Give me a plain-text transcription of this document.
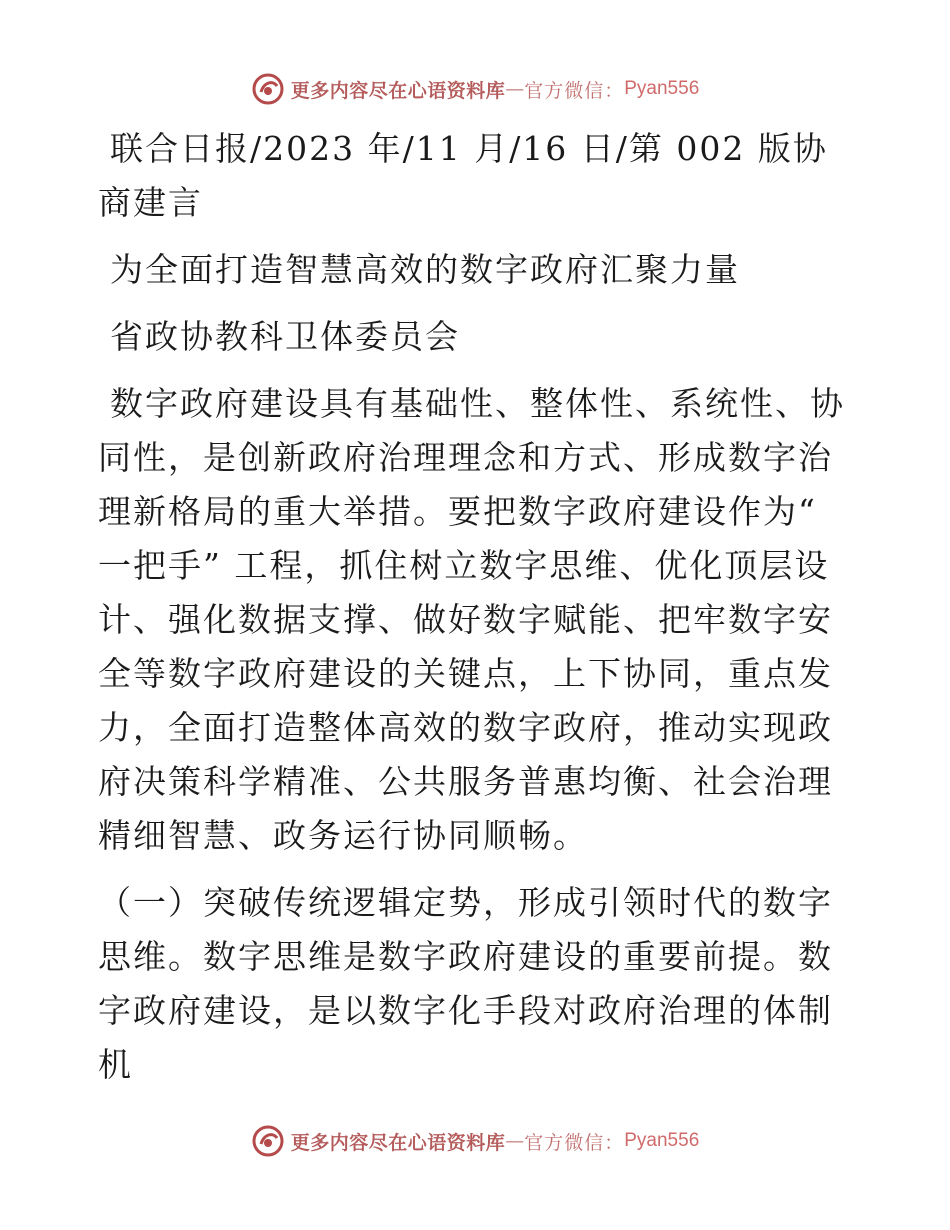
更多内容尽在心语资料库 — 官方微信： Pyan556

联合日报/2023 年/11 月/16 日/第 002 版协商建言

为全面打造智慧高效的数字政府汇聚力量

省政协教科卫体委员会

数字政府建设具有基础性、整体性、系统性、协同性，是创新政府治理理念和方式、形成数字治理新格局的重大举措。要把数字政府建设作为“ 一把手” 工程，抓住树立数字思维、优化顶层设计、强化数据支撑、做好数字赋能、把牢数字安全等数字政府建设的关键点，上下协同，重点发力，全面打造整体高效的数字政府，推动实现政府决策科学精准、公共服务普惠均衡、社会治理精细智慧、政务运行协同顺畅。

（一）突破传统逻辑定势，形成引领时代的数字思维。数字思维是数字政府建设的重要前提。数字政府建设，是以数字化手段对政府治理的体制机

更多内容尽在心语资料库 — 官方微信： Pyan556
